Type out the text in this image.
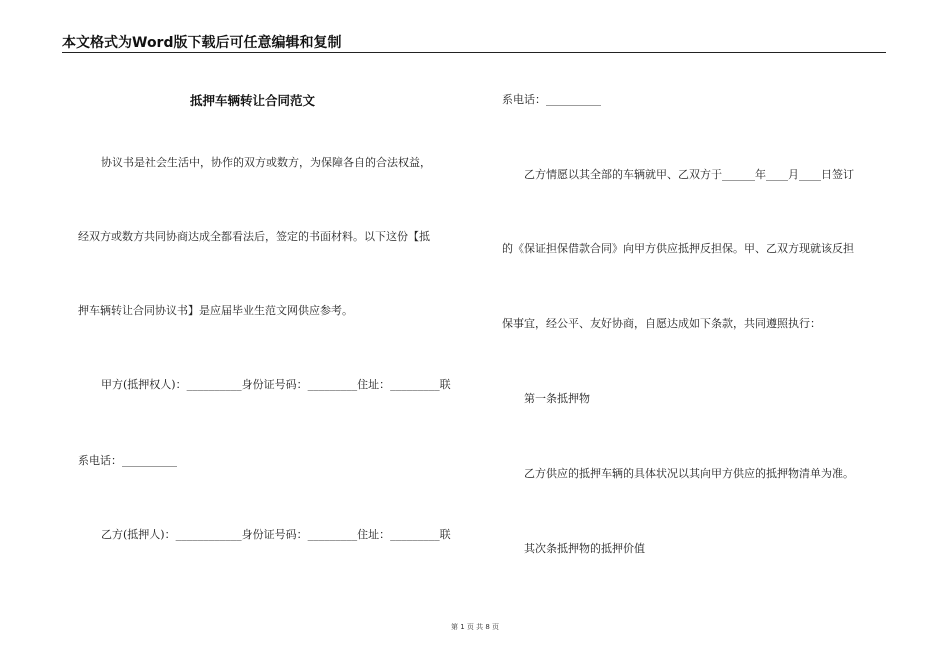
本文格式为Word版下载后可任意编辑和复制
抵押车辆转让合同范文
协议书是社会生活中，协作的双方或数方，为保障各自的合法权益，
经双方或数方共同协商达成全都看法后，签定的书面材料。以下这份【抵
押车辆转让合同协议书】是应届毕业生范文网供应参考。
甲方(抵押权人)：__________身份证号码：_________住址：_________联
系电话：__________
乙方(抵押人)：____________身份证号码：_________住址：_________联
系电话：__________
乙方情愿以其全部的车辆就甲、乙双方于______年____月____日签订
的《保证担保借款合同》向甲方供应抵押反担保。甲、乙双方现就该反担
保事宜，经公平、友好协商，自愿达成如下条款，共同遵照执行：
第一条抵押物
乙方供应的抵押车辆的具体状况以其向甲方供应的抵押物清单为准。
其次条抵押物的抵押价值
第 1 页 共 8 页
